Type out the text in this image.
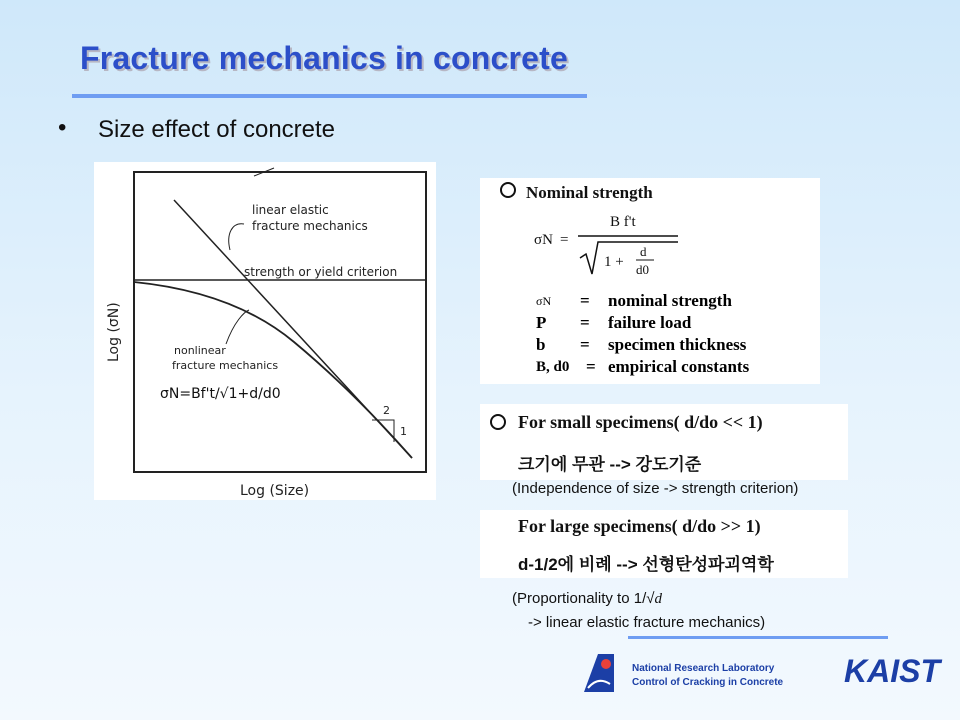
Fracture mechanics in concrete
• Size effect of concrete
linear elastic
fracture mechanics
strength or yield criterion
nonlinear
fracture mechanics
σN=Bf't/√1+d/d0
2
1
Log (σN)
Log (Size)
Nominal strength
σN =
B f't
1 +
d
d0
σN	=	nominal strength
P	=	failure load
b	=	specimen thickness
B, d0 = empirical constants
For small specimens( d/do << 1)
크기에 무관 --> 강도기준
(Independence of size -> strength criterion)
For large specimens( d/do >> 1)
d-1/2에 비례 --> 선형탄성파괴역학
(Proportionality to 1/√d
-> linear elastic fracture mechanics)
National Research Laboratory
Control of Cracking in Concrete KAIST
